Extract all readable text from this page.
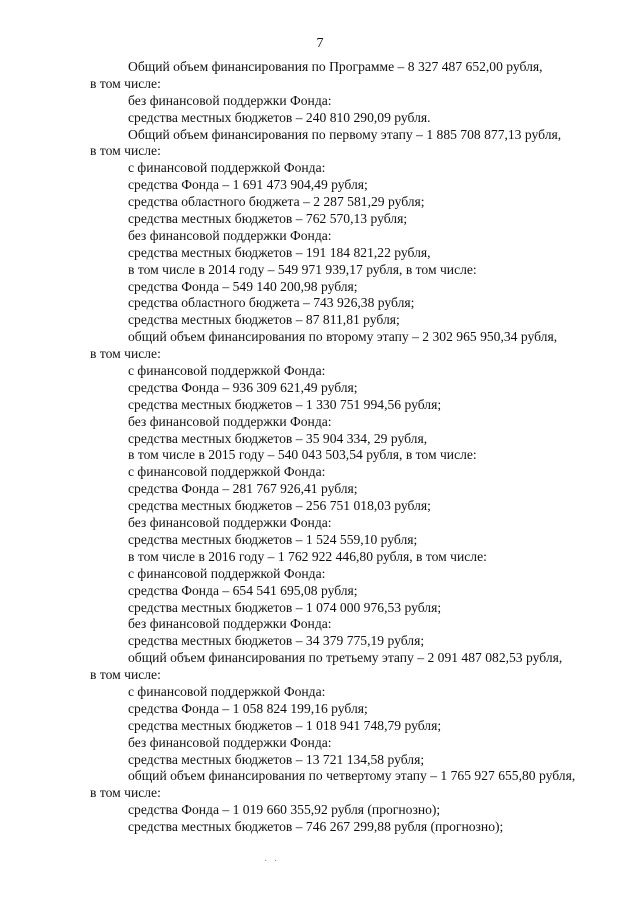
7
Общий объем финансирования по Программе – 8 327 487 652,00 рубля,
в том числе:
без финансовой поддержки Фонда:
средства местных бюджетов – 240 810 290,09 рубля.
Общий объем финансирования по первому этапу – 1 885 708 877,13 рубля,
в том числе:
с финансовой поддержкой Фонда:
средства Фонда – 1 691 473 904,49 рубля;
средства областного бюджета – 2 287 581,29 рубля;
средства местных бюджетов – 762 570,13 рубля;
без финансовой поддержки Фонда:
средства местных бюджетов – 191 184 821,22 рубля,
в том числе в 2014 году – 549 971 939,17 рубля, в том числе:
средства Фонда – 549 140 200,98 рубля;
средства областного бюджета – 743 926,38 рубля;
средства местных бюджетов – 87 811,81 рубля;
общий объем финансирования по второму этапу – 2 302 965 950,34 рубля,
в том числе:
с финансовой поддержкой Фонда:
средства Фонда – 936 309 621,49 рубля;
средства местных бюджетов – 1 330 751 994,56 рубля;
без финансовой поддержки Фонда:
средства местных бюджетов – 35 904 334, 29 рубля,
в том числе в 2015 году – 540 043 503,54 рубля, в том числе:
с финансовой поддержкой Фонда:
средства Фонда – 281 767 926,41 рубля;
средства местных бюджетов – 256 751 018,03 рубля;
без финансовой поддержки Фонда:
средства местных бюджетов – 1 524 559,10 рубля;
в том числе в 2016 году – 1 762 922 446,80 рубля, в том числе:
с финансовой поддержкой Фонда:
средства Фонда – 654 541 695,08 рубля;
средства местных бюджетов – 1 074 000 976,53 рубля;
без финансовой поддержки Фонда:
средства местных бюджетов – 34 379 775,19 рубля;
общий объем финансирования по третьему этапу – 2 091 487 082,53 рубля,
в том числе:
с финансовой поддержкой Фонда:
средства Фонда – 1 058 824 199,16 рубля;
средства местных бюджетов – 1 018 941 748,79 рубля;
без финансовой поддержки Фонда:
средства местных бюджетов – 13 721 134,58 рубля;
общий объем финансирования по четвертому этапу – 1 765 927 655,80 рубля,
в том числе:
средства Фонда – 1 019 660 355,92 рубля (прогнозно);
средства местных бюджетов – 746 267 299,88 рубля (прогнозно);
· ·
